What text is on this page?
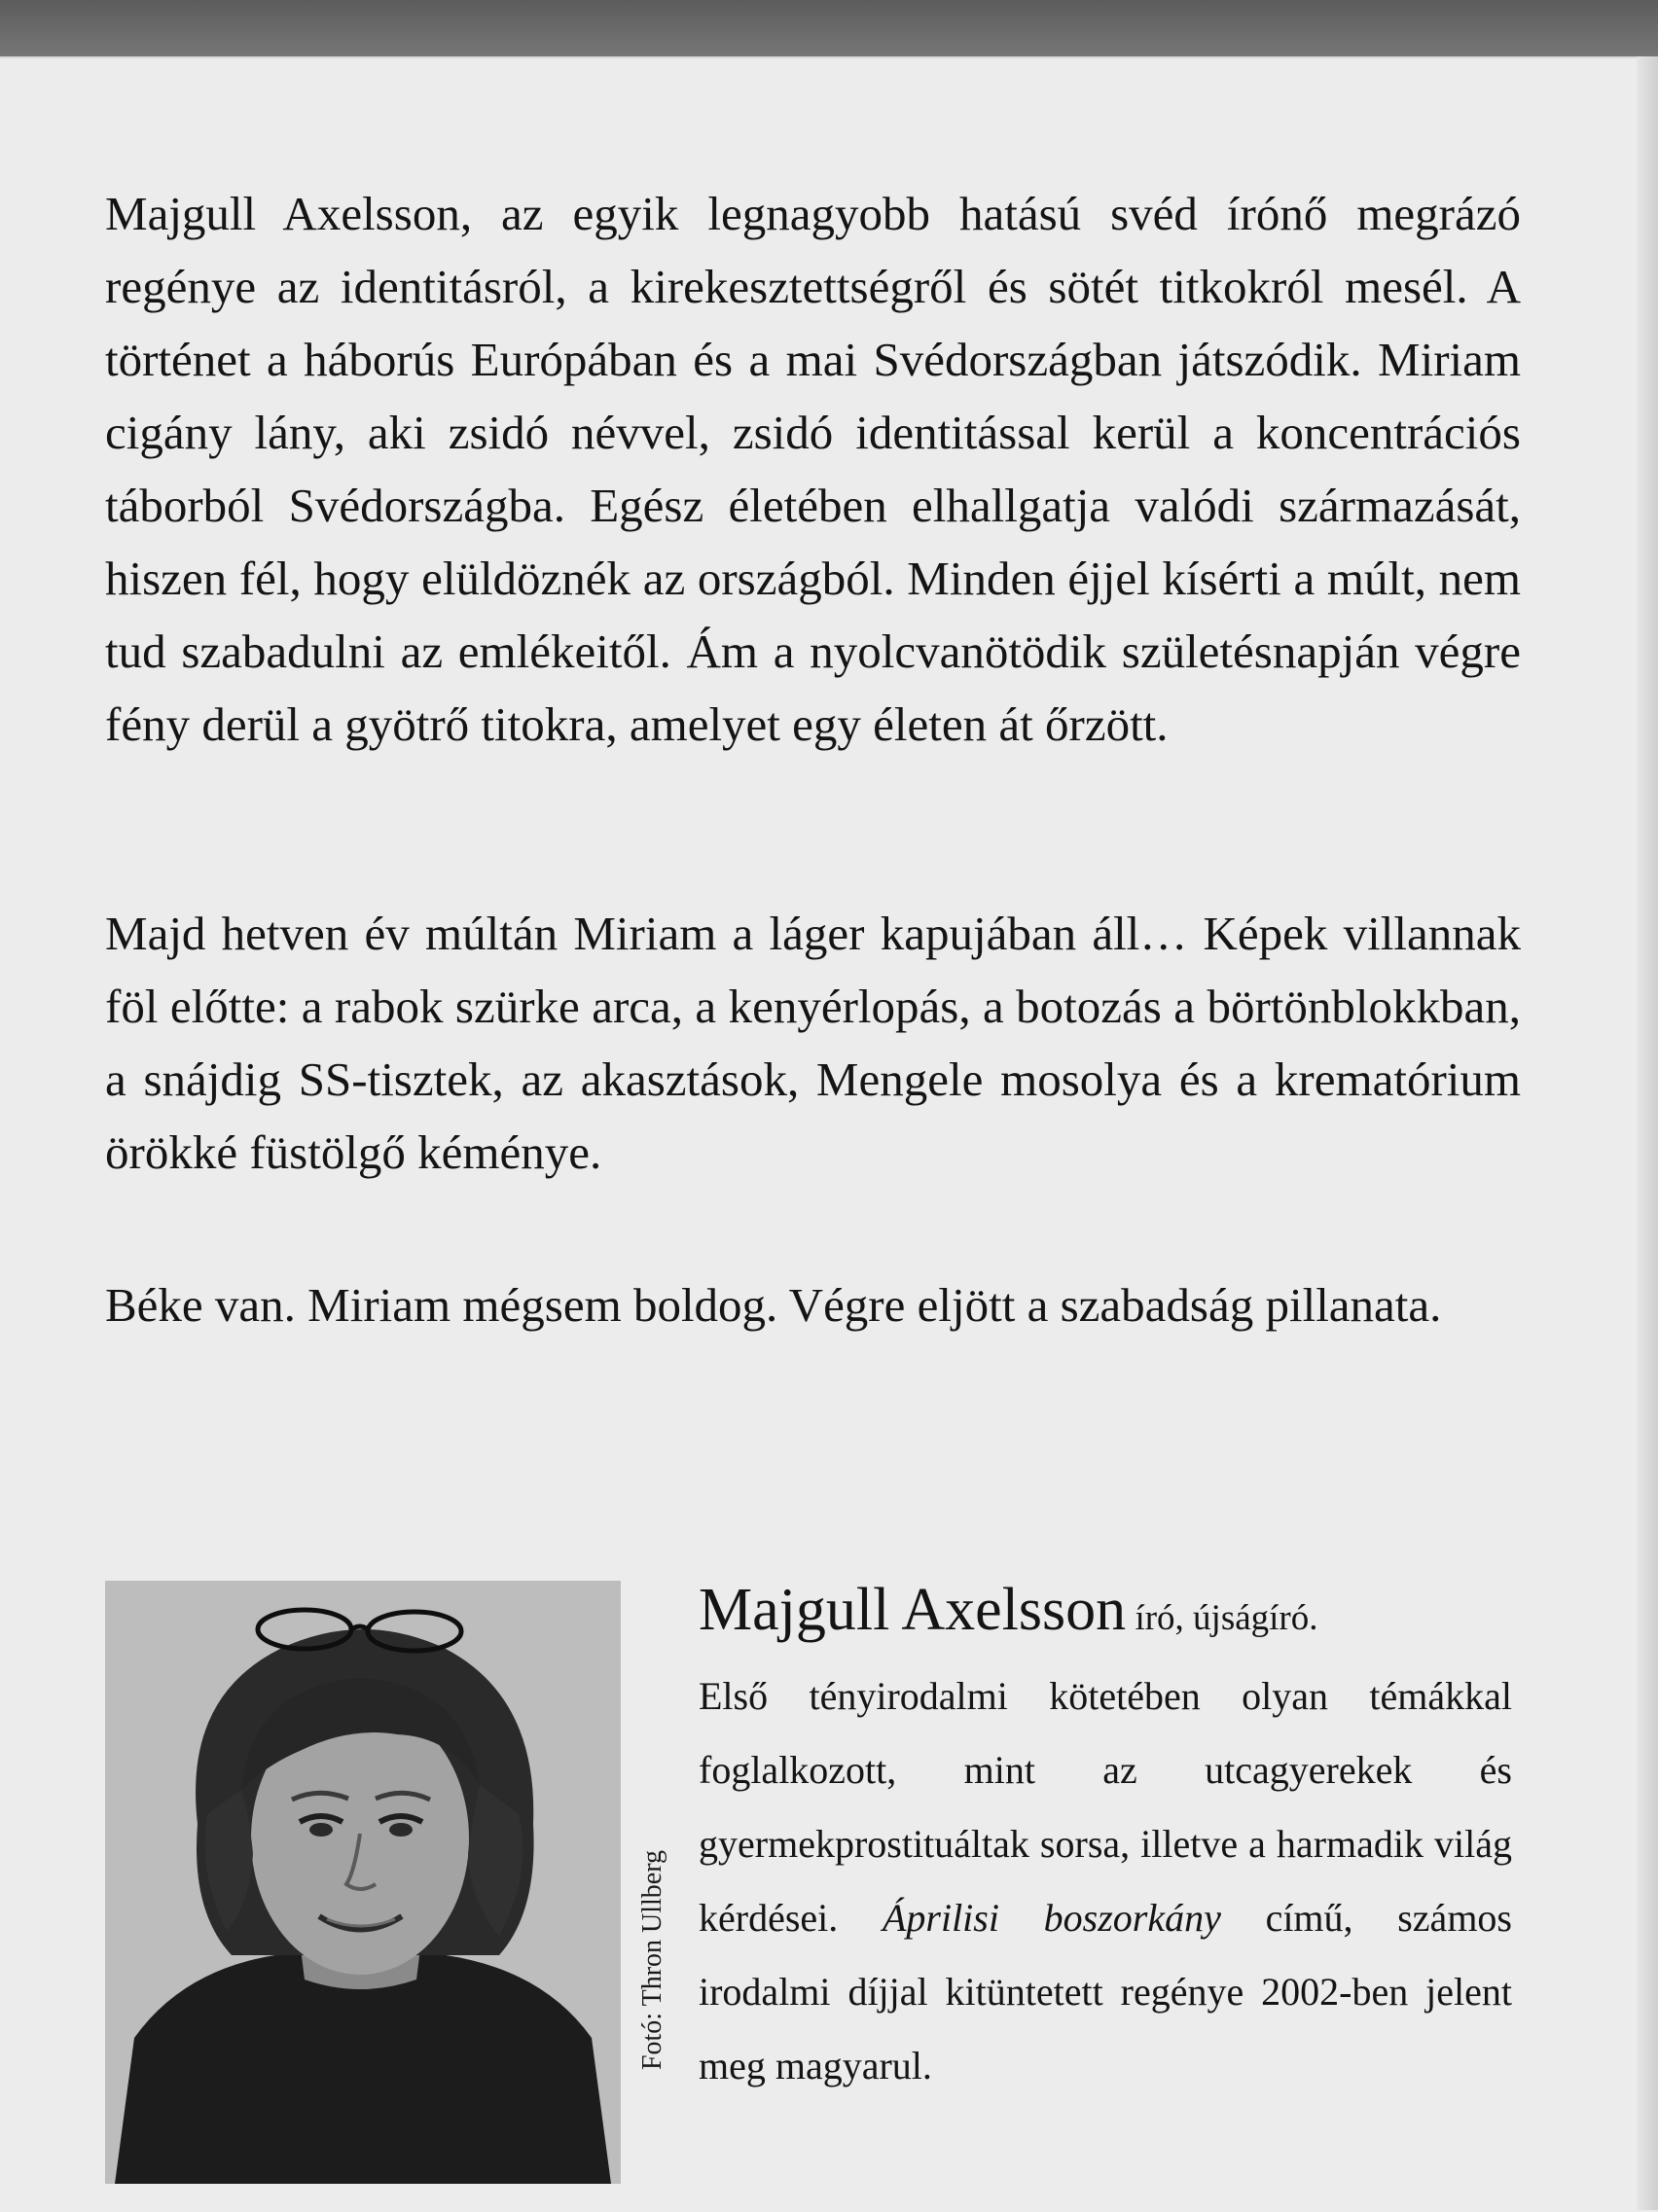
Majgull Axelsson, az egyik legnagyobb hatású svéd írónő megrázó regénye az identitásról, a kirekesztettségről és sötét titkokról mesél. A történet a háborús Európában és a mai Svédországban játszódik. Miriam cigány lány, aki zsidó névvel, zsidó identitással kerül a koncentrációs táborból Svédországba. Egész életében elhallgatja valódi származását, hiszen fél, hogy elüldöznék az országból. Minden éjjel kísérti a múlt, nem tud szabadulni az emlékeitől. Ám a nyolcvanötödik születésnapján végre fény derül a gyötrő titokra, amelyet egy életen át őrzött.

Majd hetven év múltán Miriam a láger kapujában áll… Képek villannak föl előtte: a rabok szürke arca, a kenyérlopás, a botozás a börtönblokkban, a snájdig SS-tisztek, az akasztások, Mengele mosolya és a krematórium örökké füstölgő kéménye.

Béke van. Miriam mégsem boldog. Végre eljött a szabadság pillanata.

Fotó: Thron Ullberg

Majgull Axelsson író, újságíró.

Első tényirodalmi kötetében olyan témákkal foglalkozott, mint az utcagyerekek és gyermekprostituáltak sorsa, illetve a harmadik világ kérdései. Áprilisi boszorkány című, számos irodalmi díjjal kitüntetett regénye 2002-ben jelent meg magyarul.
